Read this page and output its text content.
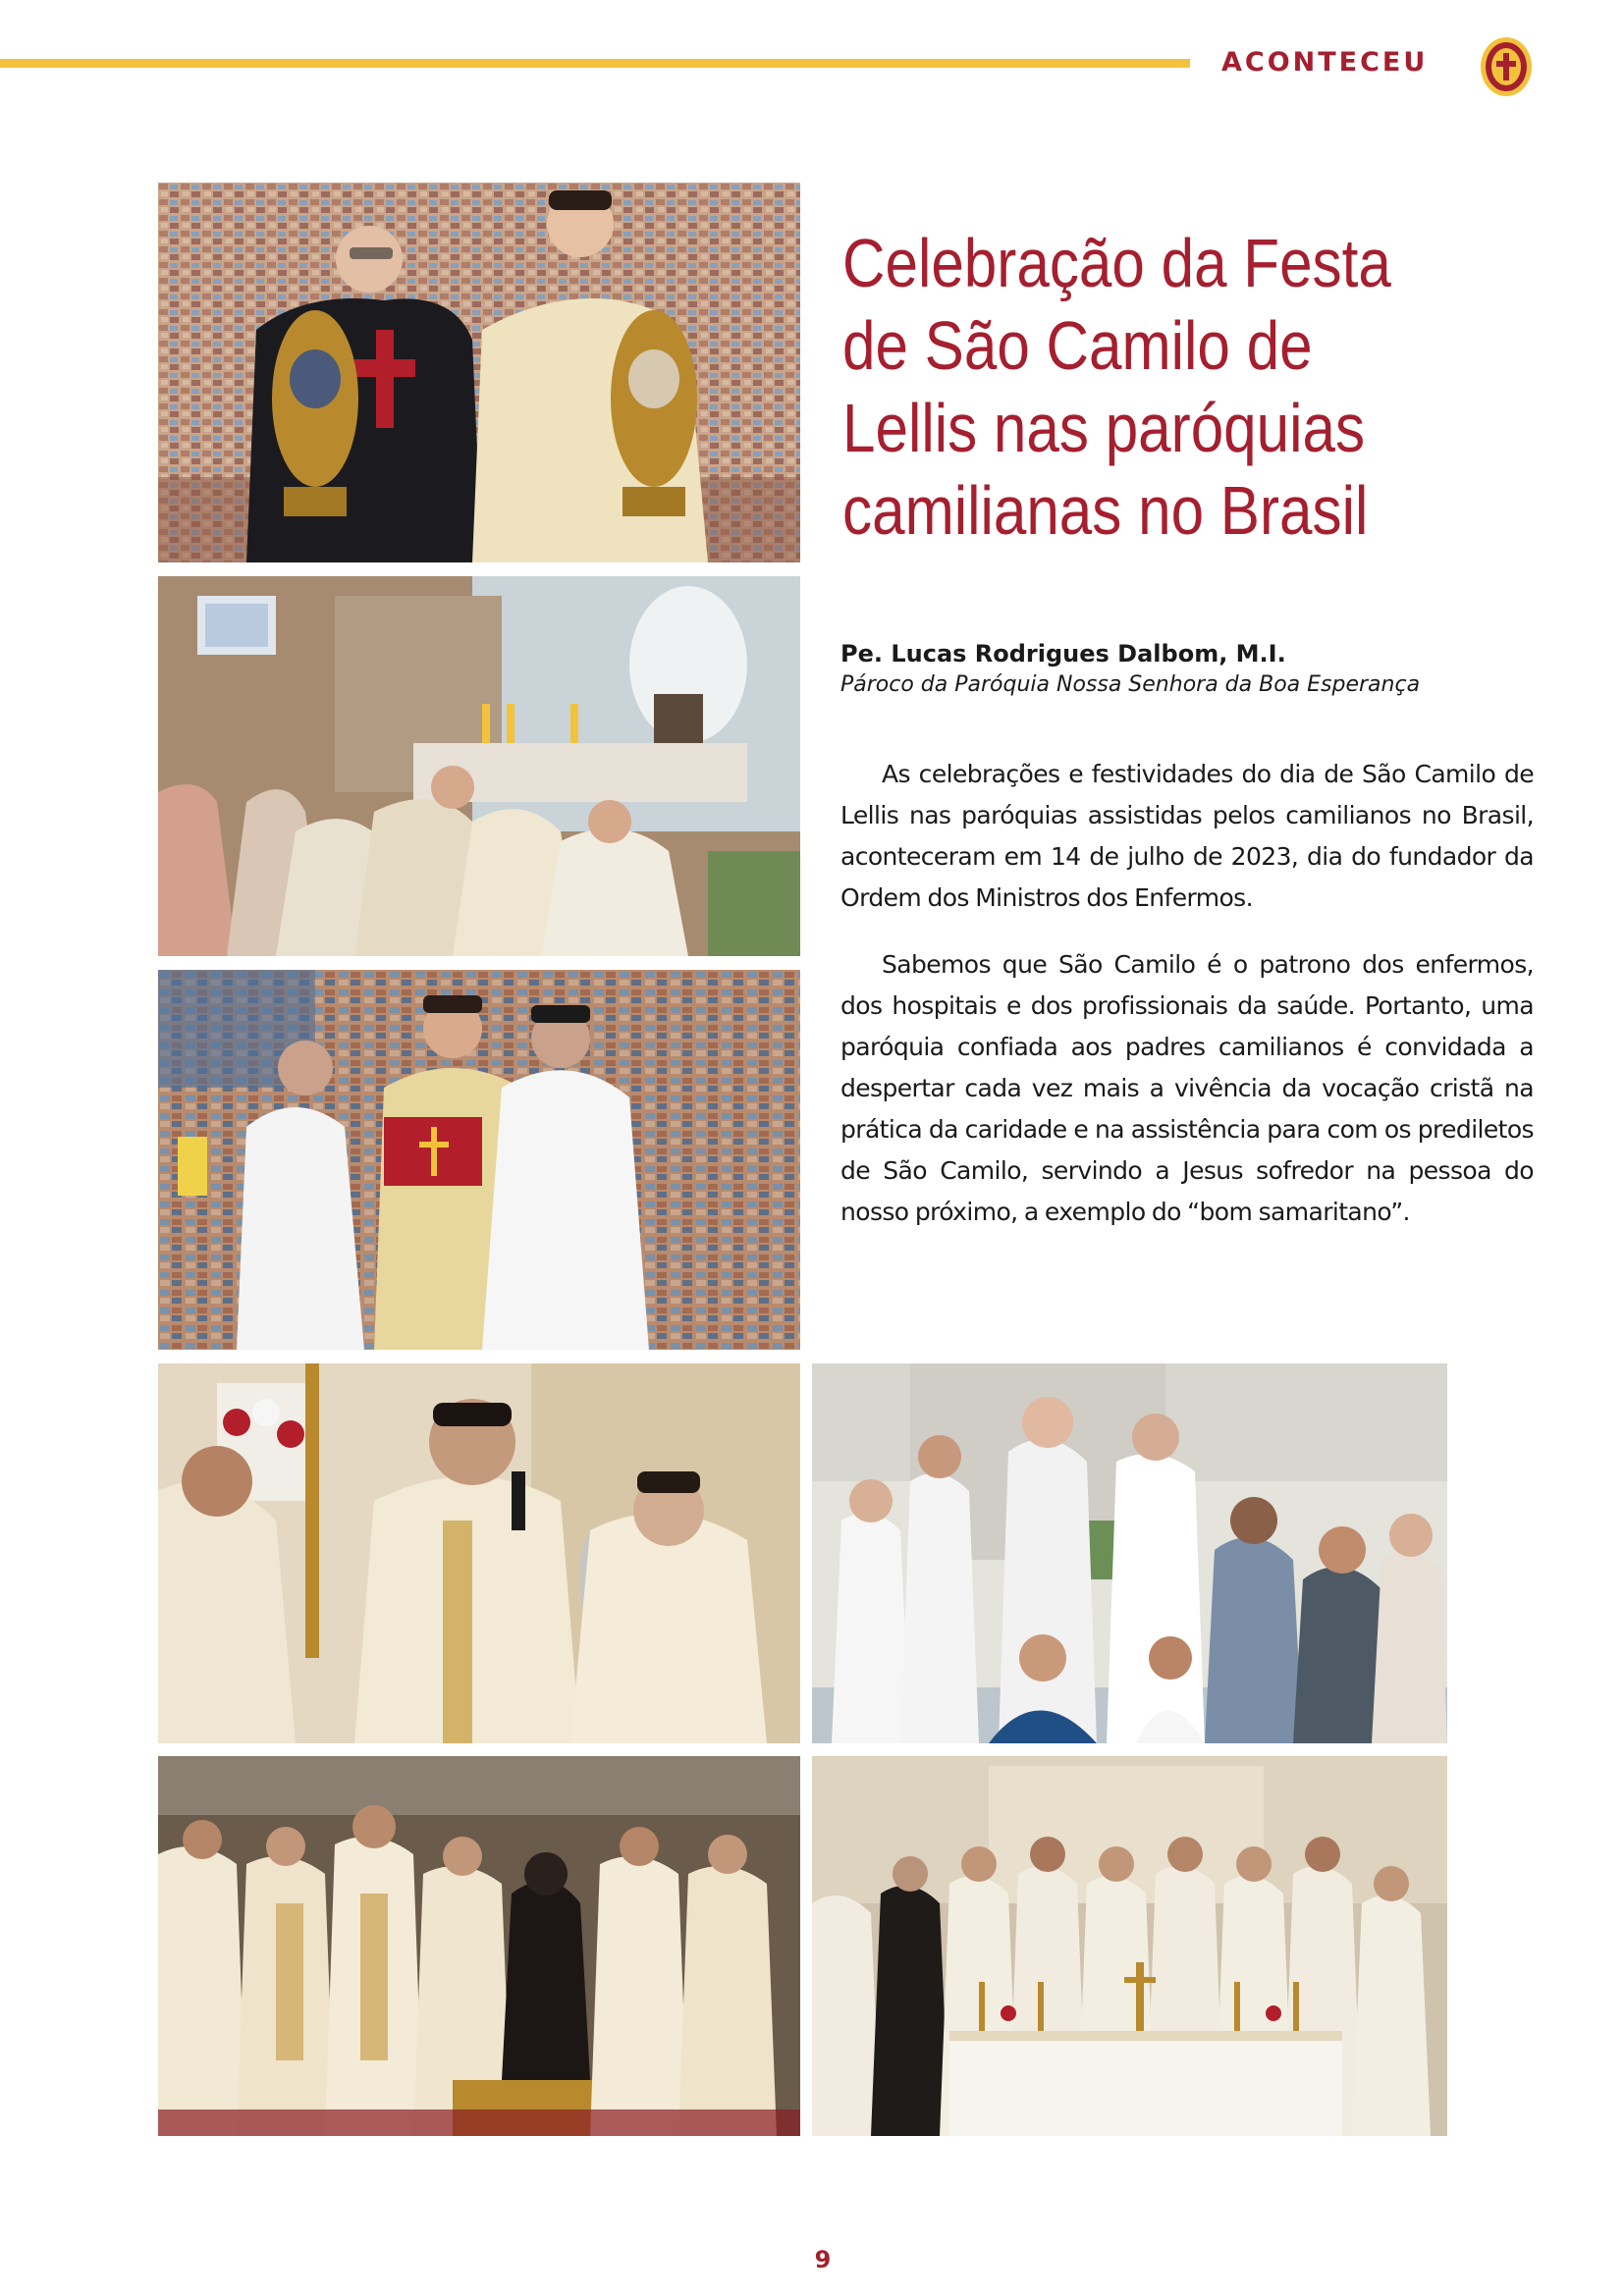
ACONTECEU
Celebração da Festa de São Camilo de Lellis nas paróquias camilianas no Brasil
Pe. Lucas Rodrigues Dalbom, M.I.
Pároco da Paróquia Nossa Senhora da Boa Esperança

As celebrações e festividades do dia de São Camilo de Lellis nas paróquias assistidas pelos camilianos no Brasil, aconteceram em 14 de julho de 2023, dia do fundador da Ordem dos Ministros dos Enfermos.

Sabemos que São Camilo é o patrono dos enfermos, dos hospitais e dos profissionais da saúde. Portanto, uma paróquia confiada aos padres camilianos é convidada a despertar cada vez mais a vivência da vocação cristã na prática da caridade e na assistência para com os prediletos de São Camilo, servindo a Jesus sofredor na pessoa do nosso próximo, a exemplo do “bom samaritano”.

9
